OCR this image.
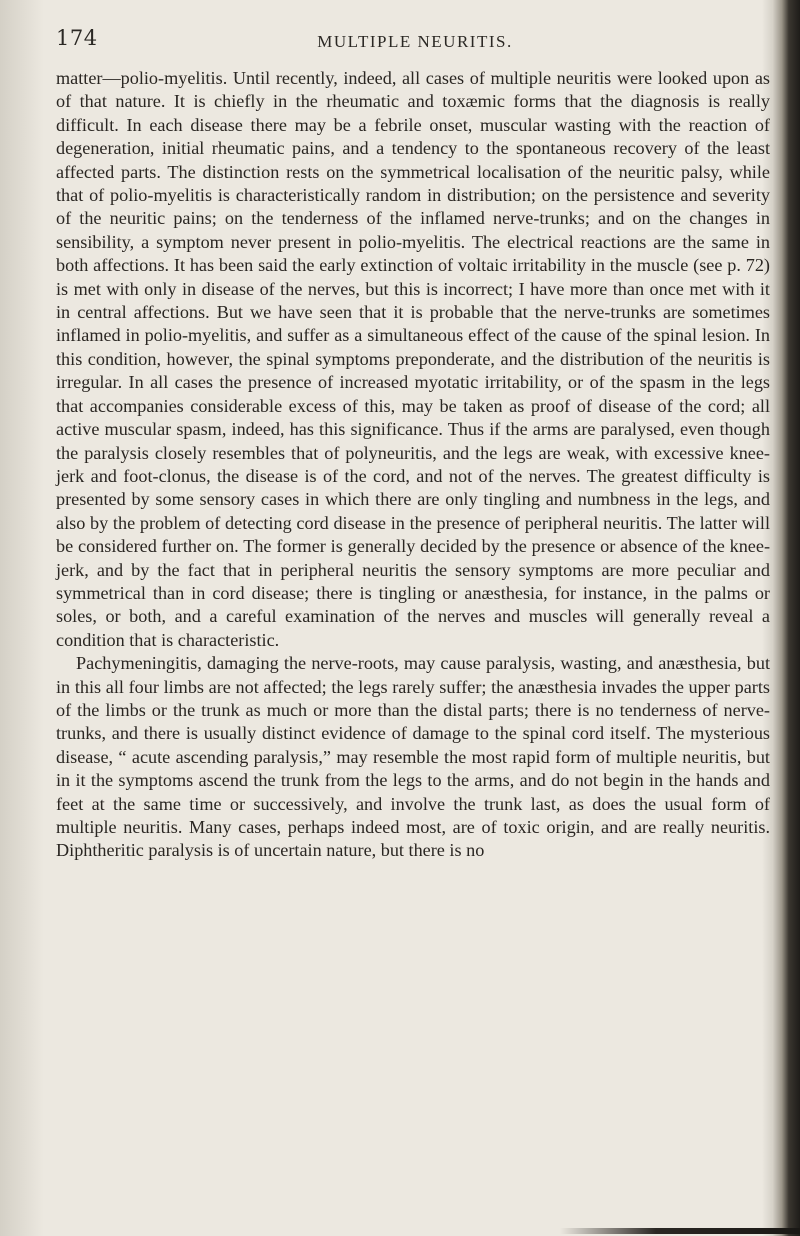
174	MULTIPLE NEURITIS.

matter—polio-myelitis. Until recently, indeed, all cases of multiple neuritis were looked upon as of that nature. It is chiefly in the rheumatic and toxæmic forms that the diagnosis is really difficult. In each disease there may be a febrile onset, muscular wasting with the reaction of degeneration, initial rheumatic pains, and a tendency to the spontaneous recovery of the least affected parts. The distinction rests on the symmetrical localisation of the neuritic palsy, while that of polio-myelitis is characteristically random in distribution; on the persistence and severity of the neuritic pains; on the tenderness of the inflamed nerve-trunks; and on the changes in sensibility, a symptom never present in polio-myelitis. The electrical reactions are the same in both affections. It has been said the early extinction of voltaic irritability in the muscle (see p. 72) is met with only in disease of the nerves, but this is incorrect; I have more than once met with it in central affections. But we have seen that it is probable that the nerve-trunks are sometimes inflamed in polio-myelitis, and suffer as a simultaneous effect of the cause of the spinal lesion. In this condition, however, the spinal symptoms preponderate, and the distribution of the neuritis is irregular. In all cases the presence of increased myotatic irritability, or of the spasm in the legs that accompanies considerable excess of this, may be taken as proof of disease of the cord; all active muscular spasm, indeed, has this significance. Thus if the arms are paralysed, even though the paralysis closely resembles that of polyneuritis, and the legs are weak, with excessive knee-jerk and foot-clonus, the disease is of the cord, and not of the nerves. The greatest difficulty is presented by some sensory cases in which there are only tingling and numbness in the legs, and also by the problem of detecting cord disease in the presence of peripheral neuritis. The latter will be considered further on. The former is generally decided by the presence or absence of the knee-jerk, and by the fact that in peripheral neuritis the sensory symptoms are more peculiar and symmetrical than in cord disease; there is tingling or anæsthesia, for instance, in the palms or soles, or both, and a careful examination of the nerves and muscles will generally reveal a condition that is characteristic.

Pachymeningitis, damaging the nerve-roots, may cause paralysis, wasting, and anæsthesia, but in this all four limbs are not affected; the legs rarely suffer; the anæsthesia invades the upper parts of the limbs or the trunk as much or more than the distal parts; there is no tenderness of nerve-trunks, and there is usually distinct evidence of damage to the spinal cord itself. The mysterious disease, “ acute ascending paralysis,” may resemble the most rapid form of multiple neuritis, but in it the symptoms ascend the trunk from the legs to the arms, and do not begin in the hands and feet at the same time or successively, and involve the trunk last, as does the usual form of multiple neuritis. Many cases, perhaps indeed most, are of toxic origin, and are really neuritis. Diphtheritic paralysis is of uncertain nature, but there is no
